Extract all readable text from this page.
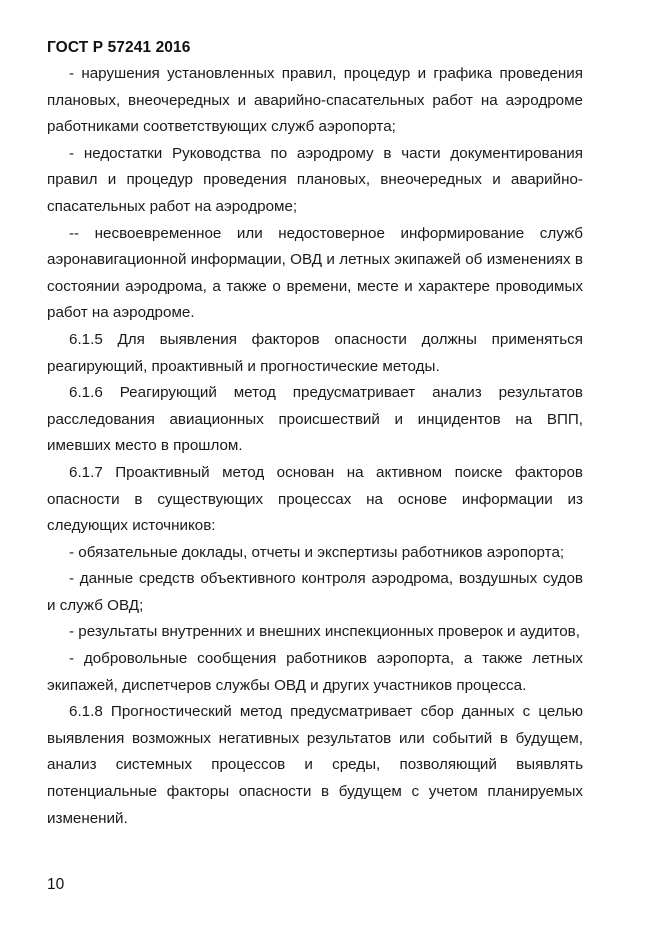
ГОСТ Р 57241 2016

- нарушения установленных правил, процедур и графика проведения плановых, внеочередных и аварийно-спасательных работ на аэродроме работниками соответствующих служб аэропорта;

- недостатки Руководства по аэродрому в части документирования правил и процедур проведения плановых, внеочередных и аварийно-спасательных работ на аэродроме;

-- несвоевременное или недостоверное информирование служб аэронавигационной информации, ОВД и летных экипажей об изменениях в состоянии аэродрома, а также о времени, месте и характере проводимых работ на аэродроме.

6.1.5 Для выявления факторов опасности должны применяться реагирующий, проактивный и прогностические методы.

6.1.6 Реагирующий метод предусматривает анализ результатов расследования авиационных происшествий и инцидентов на ВПП, имевших место в прошлом.

6.1.7 Проактивный метод основан на активном поиске факторов опасности в существующих процессах на основе информации из следующих источников:

- обязательные доклады, отчеты и экспертизы работников аэропорта;

- данные средств объективного контроля аэродрома, воздушных судов и служб ОВД;

- результаты внутренних и внешних инспекционных проверок и аудитов,

- добровольные сообщения работников аэропорта, а также летных экипажей, диспетчеров службы ОВД и других участников процесса.

6.1.8 Прогностический метод предусматривает сбор данных с целью выявления возможных негативных результатов или событий в будущем, анализ системных процессов и среды, позволяющий выявлять потенциальные факторы опасности в будущем с учетом планируемых изменений.

10
